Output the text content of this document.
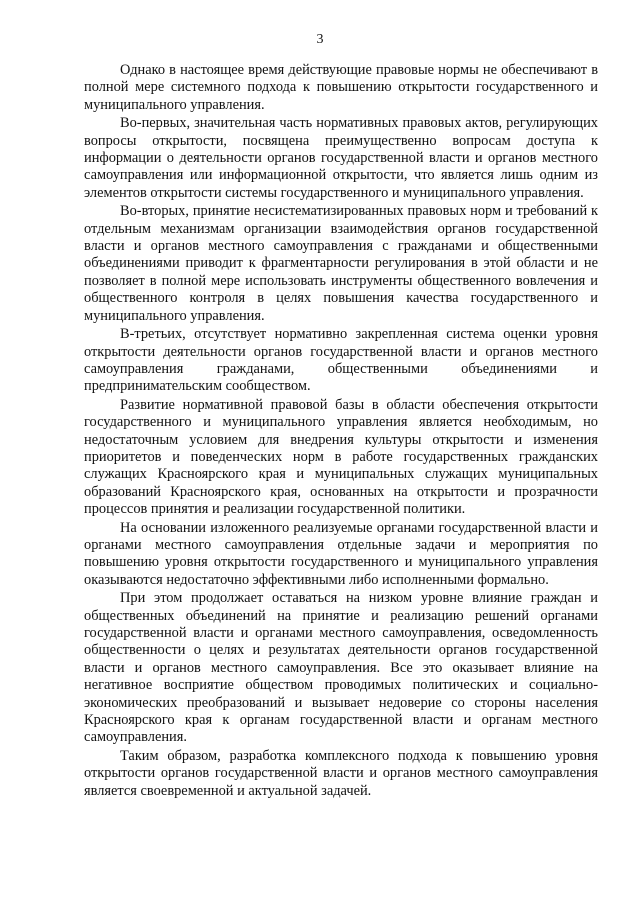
3

Однако в настоящее время действующие правовые нормы не обеспечивают в полной мере системного подхода к повышению открытости государственного и муниципального управления.

Во-первых, значительная часть нормативных правовых актов, регулирующих вопросы открытости, посвящена преимущественно вопросам доступа к информации о деятельности органов государственной власти и органов местного самоуправления или информационной открытости, что является лишь одним из элементов открытости системы государственного и муниципального управления.

Во-вторых, принятие несистематизированных правовых норм и требований к отдельным механизмам организации взаимодействия органов государственной власти и органов местного самоуправления с гражданами и общественными объединениями приводит к фрагментарности регулирования в этой области и не позволяет в полной мере использовать инструменты общественного вовлечения и общественного контроля в целях повышения качества государственного и муниципального управления.

В-третьих, отсутствует нормативно закрепленная система оценки уровня открытости деятельности органов государственной власти и органов местного самоуправления гражданами, общественными объединениями и предпринимательским сообществом.

Развитие нормативной правовой базы в области обеспечения открытости государственного и муниципального управления является необходимым, но недостаточным условием для внедрения культуры открытости и изменения приоритетов и поведенческих норм в работе государственных гражданских служащих Красноярского края и муниципальных служащих муниципальных образований Красноярского края, основанных на открытости и прозрачности процессов принятия и реализации государственной политики.

На основании изложенного реализуемые органами государственной власти и органами местного самоуправления отдельные задачи и мероприятия по повышению уровня открытости государственного и муниципального управления оказываются недостаточно эффективными либо исполненными формально.

При этом продолжает оставаться на низком уровне влияние граждан и общественных объединений на принятие и реализацию решений органами государственной власти и органами местного самоуправления, осведомленность общественности о целях и результатах деятельности органов государственной власти и органов местного самоуправления. Все это оказывает влияние на негативное восприятие обществом проводимых политических и социально-экономических преобразований и вызывает недоверие со стороны населения Красноярского края к органам государственной власти и органам местного самоуправления.

Таким образом, разработка комплексного подхода к повышению уровня открытости органов государственной власти и органов местного самоуправления является своевременной и актуальной задачей.
